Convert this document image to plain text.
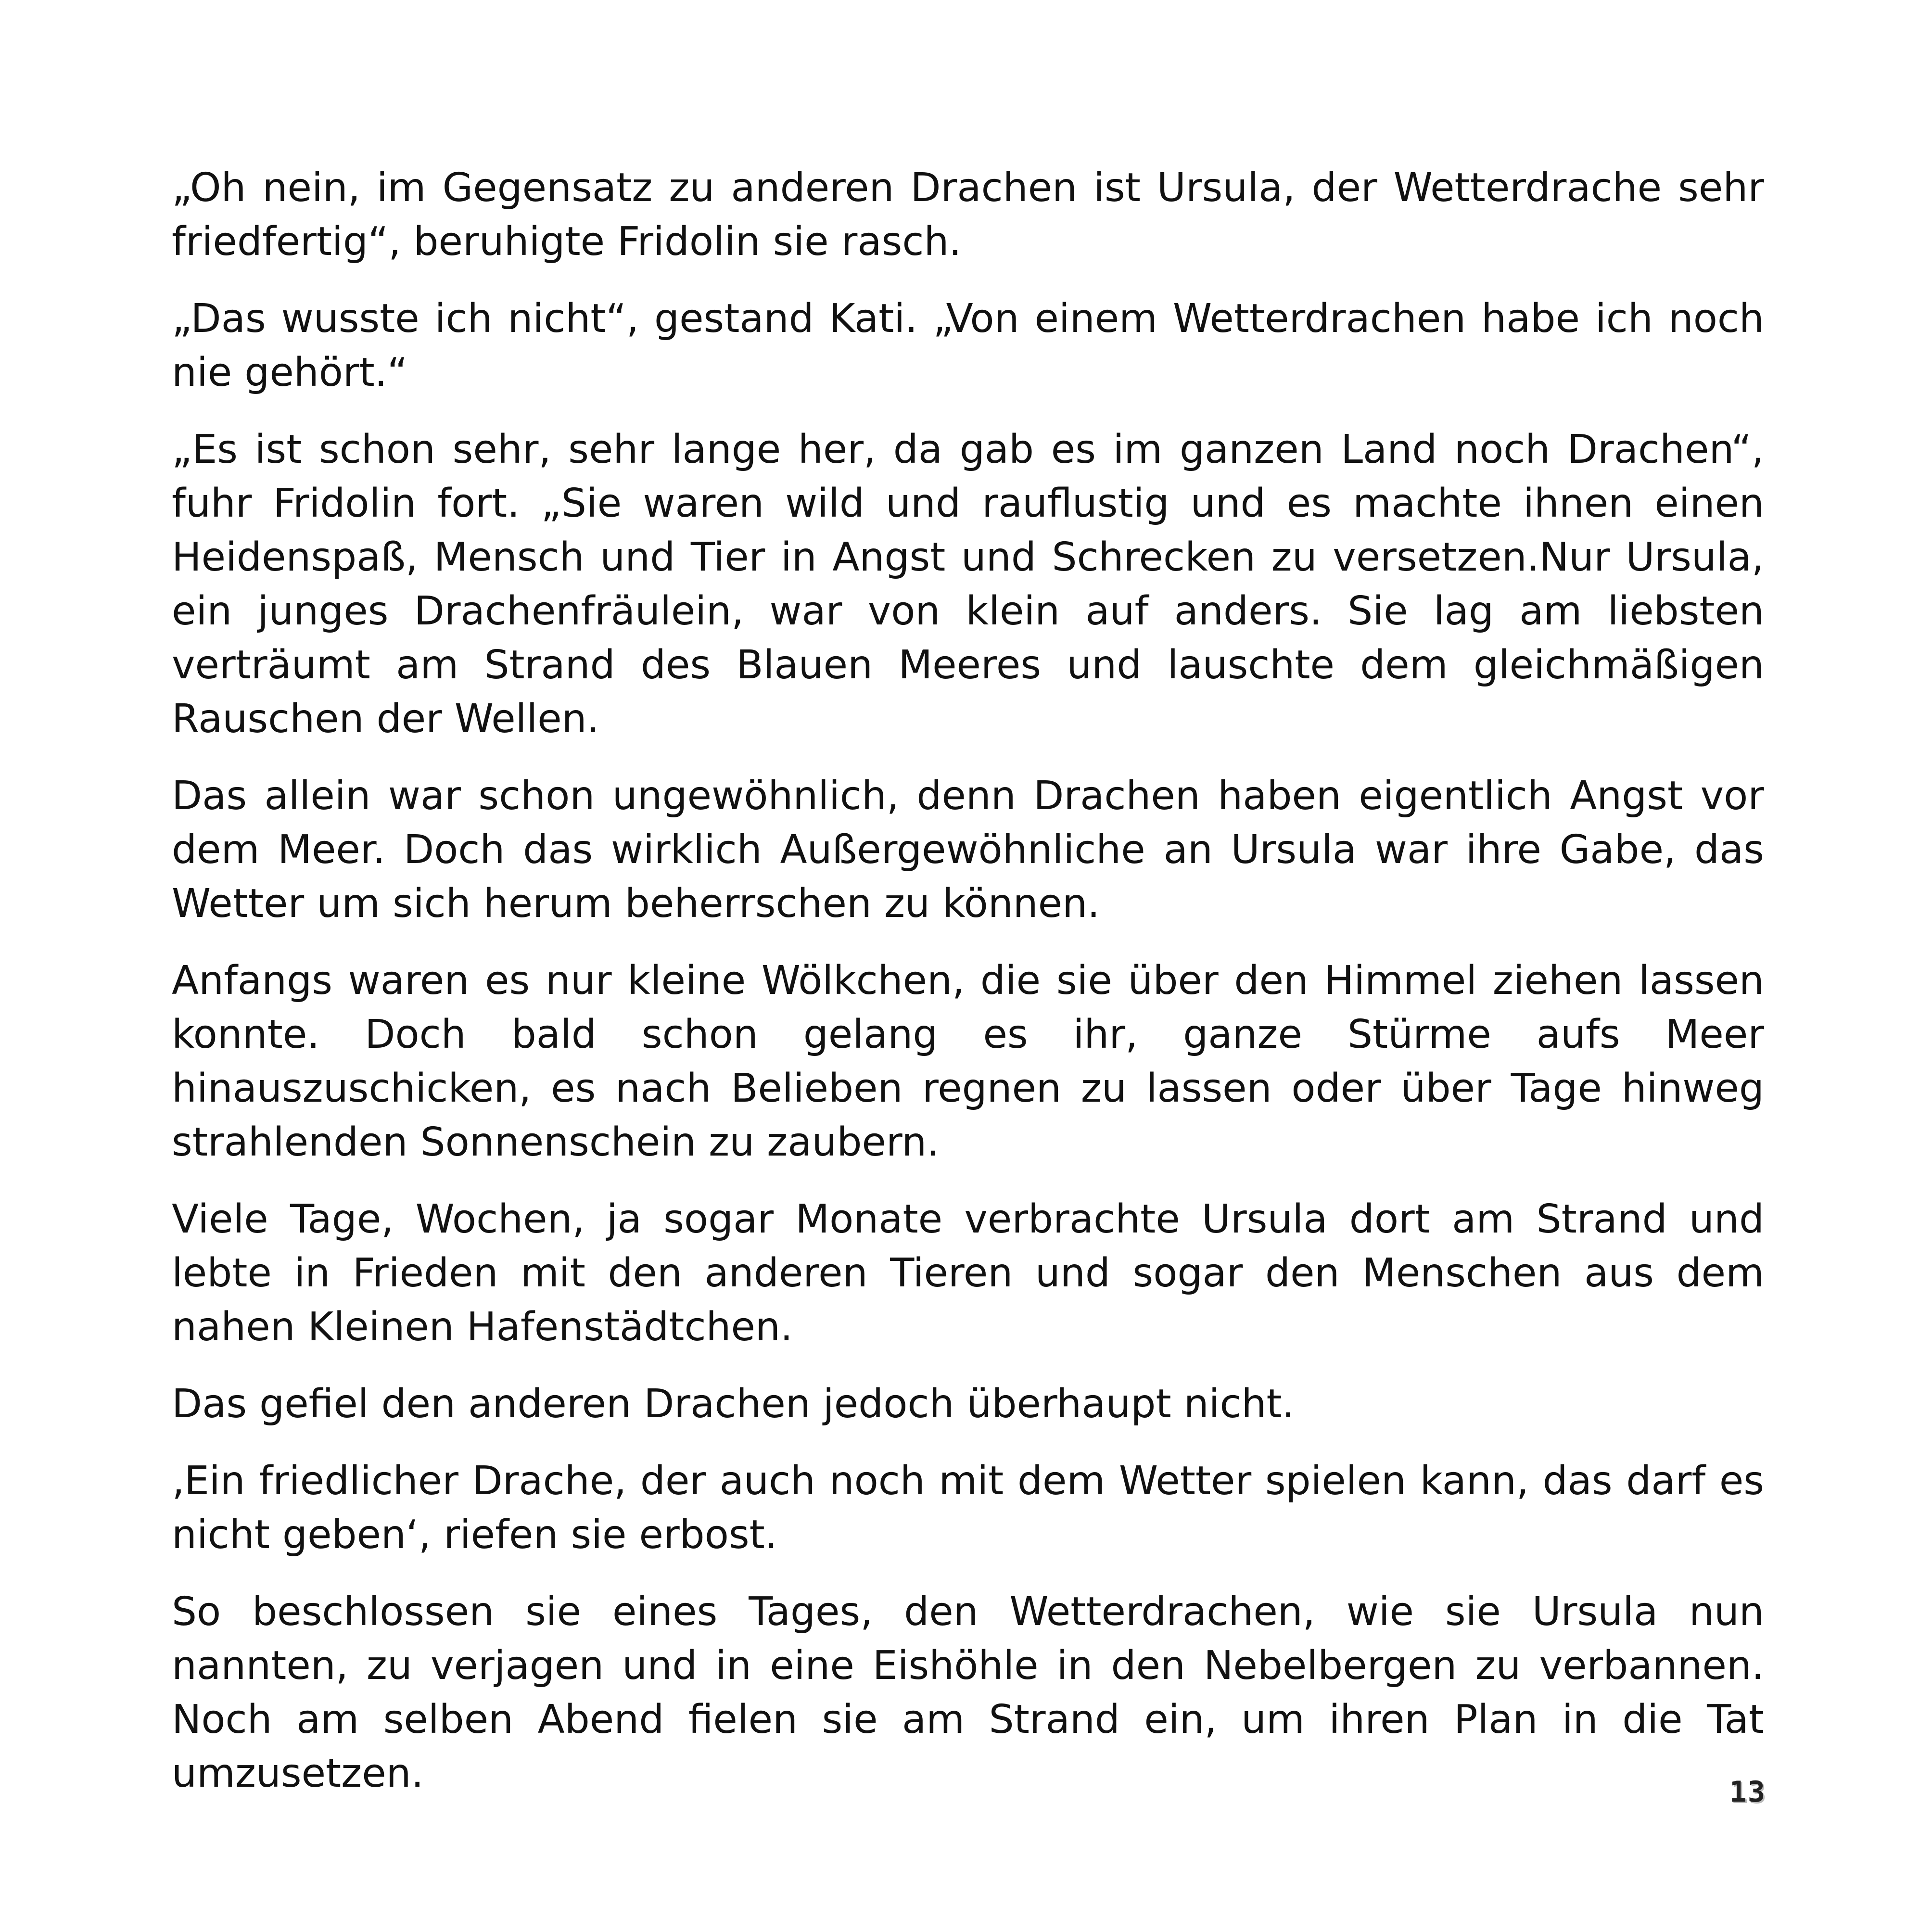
„Oh nein, im Gegensatz zu anderen Drachen ist Ursula, der Wetterdrache sehr friedfertig“, beruhigte Fridolin sie rasch.

„Das wusste ich nicht“, gestand Kati. „Von einem Wetterdrachen habe ich noch nie gehört.“

„Es ist schon sehr, sehr lange her, da gab es im ganzen Land noch Drachen“, fuhr Fridolin fort. „Sie waren wild und rauflustig und es machte ihnen einen Heidenspaß, Mensch und Tier in Angst und Schrecken zu versetzen.Nur Ursula, ein junges Drachenfräulein, war von klein auf anders. Sie lag am liebsten verträumt am Strand des Blauen Meeres und lauschte dem gleichmäßigen Rauschen der Wellen.

Das allein war schon ungewöhnlich, denn Drachen haben eigentlich Angst vor dem Meer. Doch das wirklich Außergewöhnliche an Ursula war ihre Gabe, das Wetter um sich herum beherrschen zu können.

Anfangs waren es nur kleine Wölkchen, die sie über den Himmel ziehen lassen konnte. Doch bald schon gelang es ihr, ganze Stürme aufs Meer hinauszuschicken, es nach Belieben regnen zu lassen oder über Tage hinweg strahlenden Sonnenschein zu zaubern.

Viele Tage, Wochen, ja sogar Monate verbrachte Ursula dort am Strand und lebte in Frieden mit den anderen Tieren und sogar den Menschen aus dem nahen Kleinen Hafenstädtchen.

Das gefiel den anderen Drachen jedoch überhaupt nicht.

‚Ein friedlicher Drache, der auch noch mit dem Wetter spielen kann, das darf es nicht geben‘, riefen sie erbost.

So beschlossen sie eines Tages, den Wetterdrachen, wie sie Ursula nun nannten, zu verjagen und in eine Eishöhle in den Nebelbergen zu verbannen. Noch am selben Abend fielen sie am Strand ein, um ihren Plan in die Tat umzusetzen.	13
